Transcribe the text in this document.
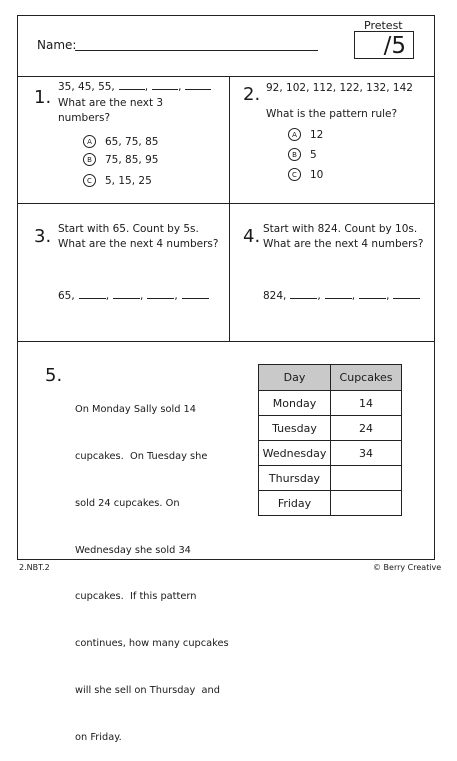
Pretest
/5
Name:
1. 35, 45, 55,	,	,
What are the next 3
numbers?
A	65, 75, 85
B	75, 85, 95
C	5, 15, 25
2. 92, 102, 112, 122, 132, 142
What is the pattern rule?
A	12
B	5
C	10
3. Start with 65. Count by 5s.
What are the next 4 numbers?
65,	,	,	,
4. Start with 824. Count by 10s.
What are the next 4 numbers?
824,	,	,	,
5.

On Monday Sally sold 14

cupcakes.  On Tuesday she

sold 24 cupcakes. On

Wednesday she sold 34

cupcakes.  If this pattern

continues, how many cupcakes

will she sell on Thursday  and

on Friday.

Day	Cupcakes
Monday	14
Tuesday	24
Wednesday	34
Thursday	
Friday	
2.NBT.2	© Berry Creative
